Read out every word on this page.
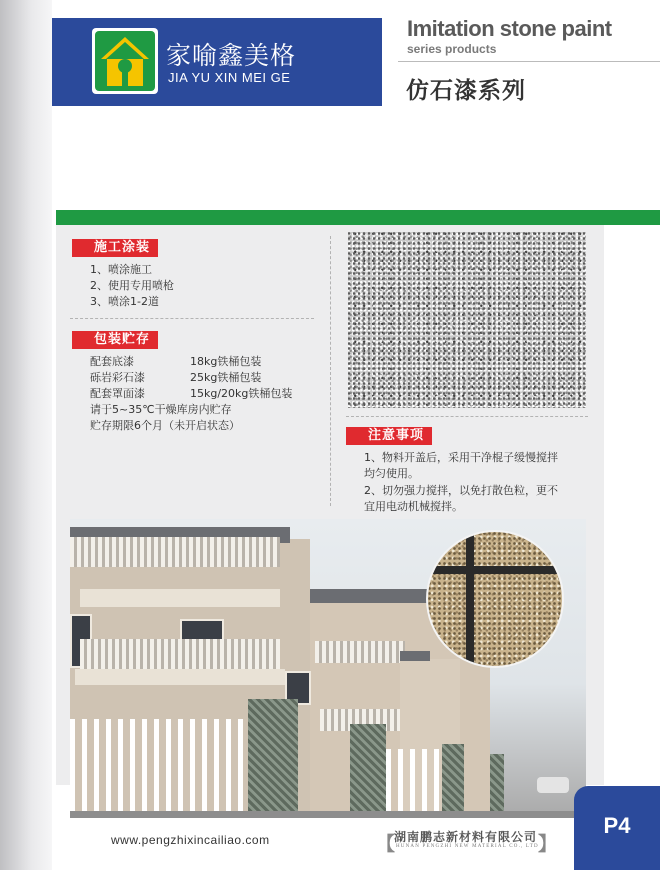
家喻鑫美格
JIA YU XIN MEI GE
Imitation stone paint
series products
仿石漆系列
施工涂装
1、喷涂施工
2、使用专用喷枪
3、喷涂1-2道
包装贮存
配套底漆	18kg铁桶包装
砾岩彩石漆	25kg铁桶包装
配套罩面漆	15kg/20kg铁桶包装
请于5~35℃干燥库房内贮存
贮存期限6个月（未开启状态）
注意事项
1、物料开盖后，采用干净棍子缓慢搅拌
均匀使用。
2、切勿强力搅拌，以免打散色粒，更不
宜用电动机械搅拌。
www.pengzhixincailiao.com	【
湖南鹏志新材料有限公司
HUNAN PENGZHI NEW MATERIAL CO., LTD 】
P4
